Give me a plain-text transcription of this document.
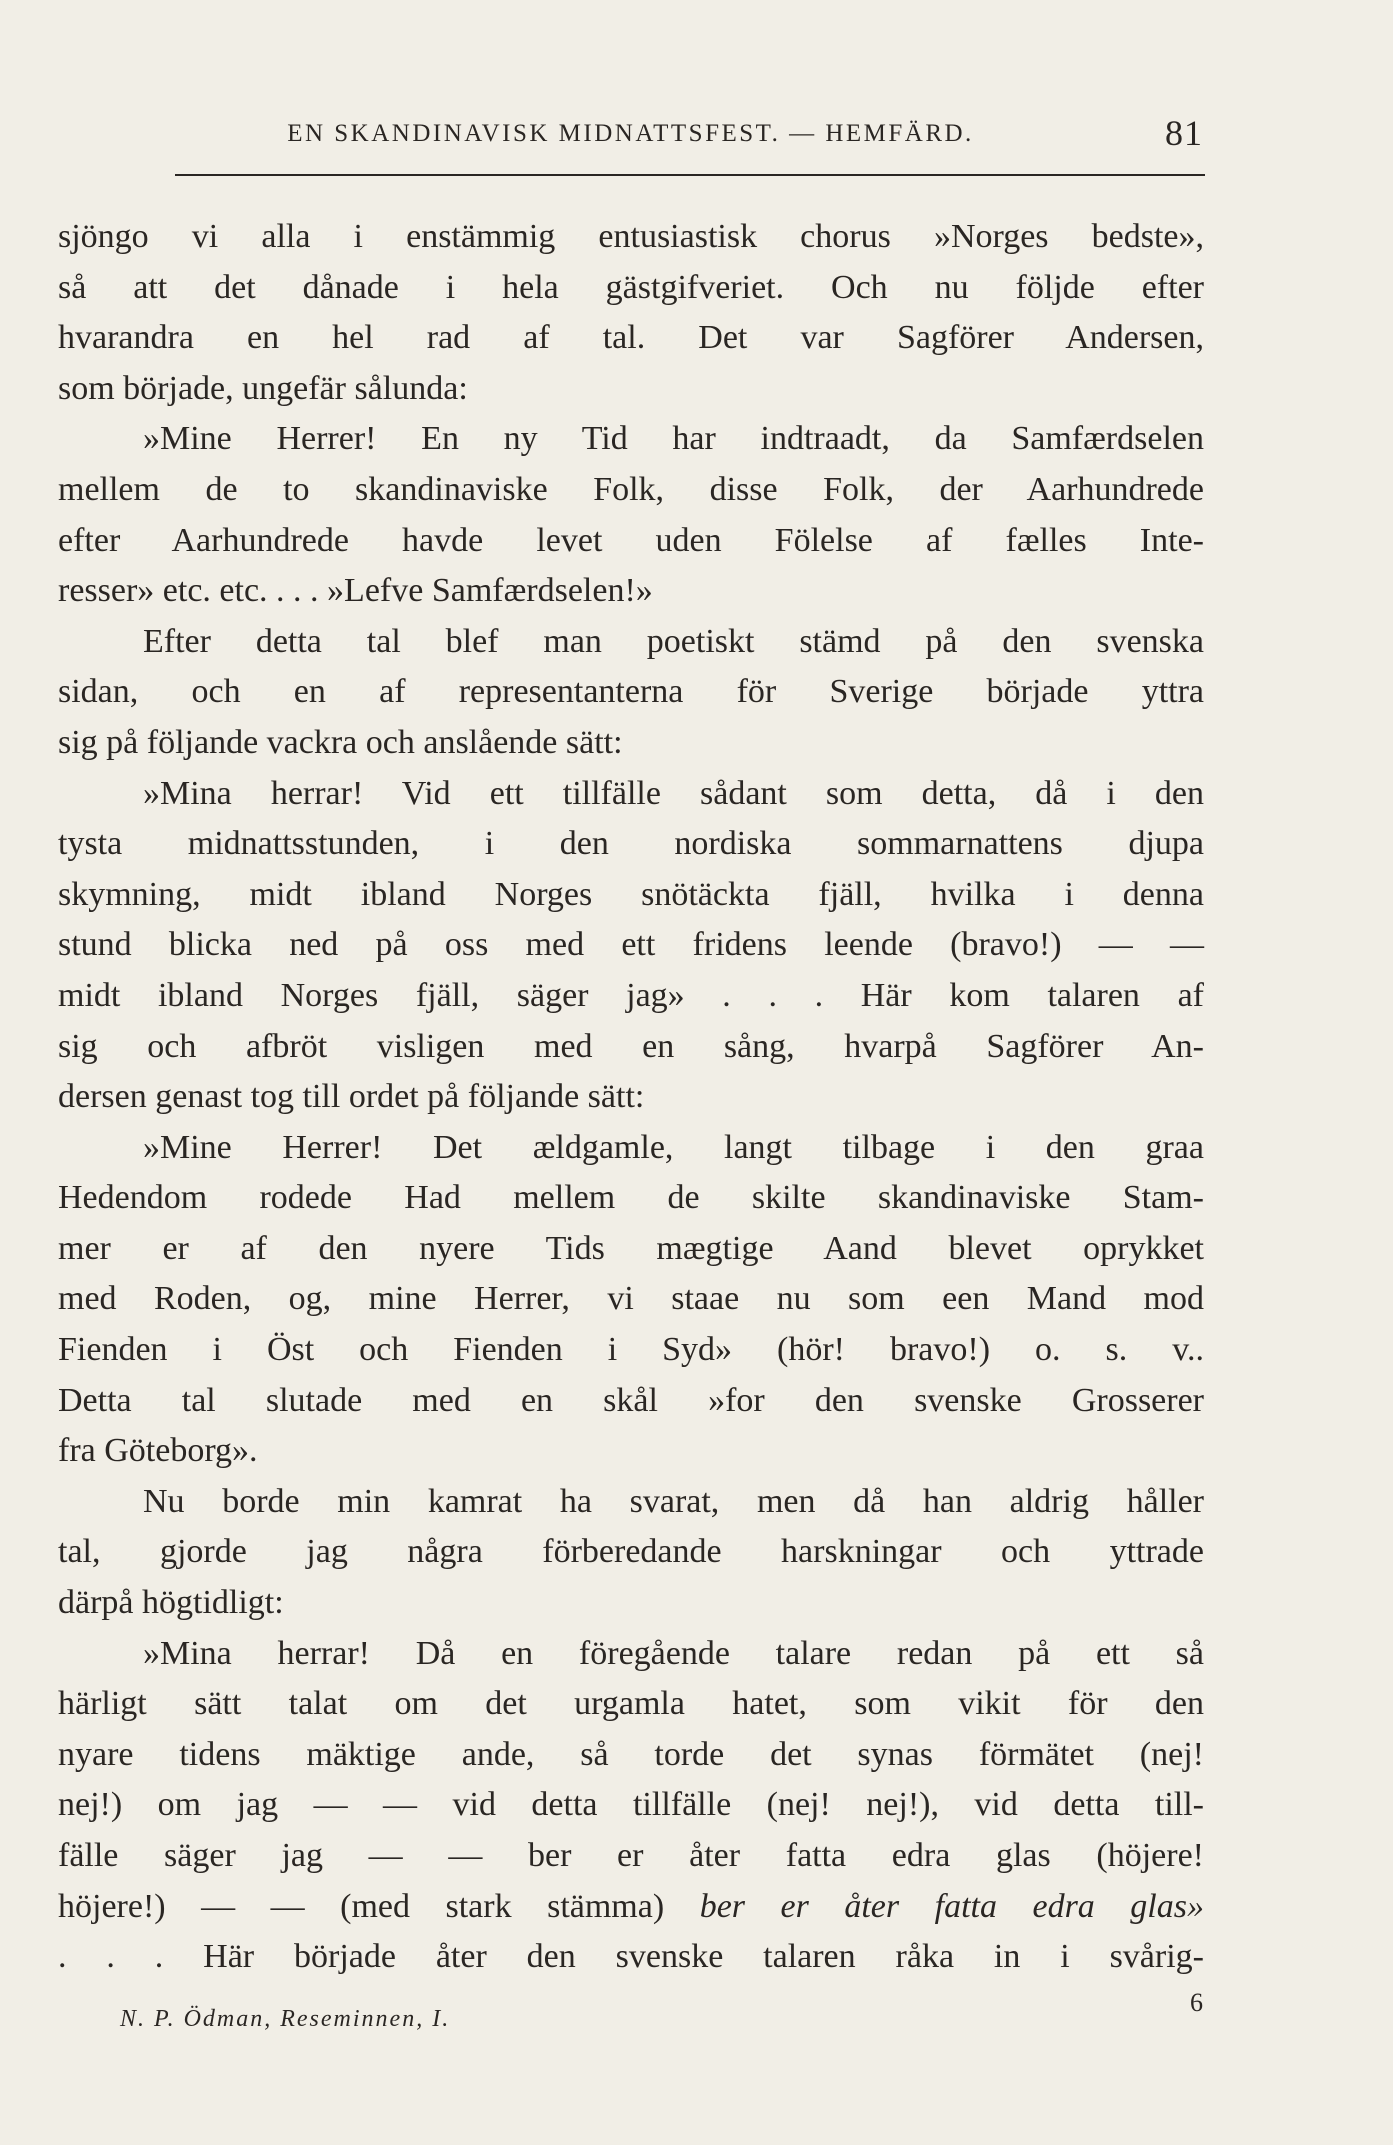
EN SKANDINAVISK MIDNATTSFEST. — HEMFÄRD.	81
sjöngo vi alla i enstämmig entusiastisk chorus »Norges bedste»,
så att det dånade i hela gästgifveriet. Och nu följde efter
hvarandra en hel rad af tal. Det var Sagförer Andersen,
som började, ungefär sålunda:
»Mine Herrer! En ny Tid har indtraadt, da Samfærdselen
mellem de to skandinaviske Folk, disse Folk, der Aarhundrede
efter Aarhundrede havde levet uden Fölelse af fælles Inte-
resser» etc. etc. . . . »Lefve Samfærdselen!»
Efter detta tal blef man poetiskt stämd på den svenska
sidan, och en af representanterna för Sverige började yttra
sig på följande vackra och anslående sätt:
»Mina herrar! Vid ett tillfälle sådant som detta, då i den
tysta midnattsstunden, i den nordiska sommarnattens djupa
skymning, midt ibland Norges snötäckta fjäll, hvilka i denna
stund blicka ned på oss med ett fridens leende (bravo!) — —
midt ibland Norges fjäll, säger jag» . . . Här kom talaren af
sig och afbröt visligen med en sång, hvarpå Sagförer An-
dersen genast tog till ordet på följande sätt:
»Mine Herrer! Det ældgamle, langt tilbage i den graa
Hedendom rodede Had mellem de skilte skandinaviske Stam-
mer er af den nyere Tids mægtige Aand blevet oprykket
med Roden, og, mine Herrer, vi staae nu som een Mand mod
Fienden i Öst och Fienden i Syd» (hör! bravo!) o. s. v..
Detta tal slutade med en skål »for den svenske Grosserer
fra Göteborg».
Nu borde min kamrat ha svarat, men då han aldrig håller
tal, gjorde jag några förberedande harskningar och yttrade
därpå högtidligt:
»Mina herrar! Då en föregående talare redan på ett så
härligt sätt talat om det urgamla hatet, som vikit för den
nyare tidens mäktige ande, så torde det synas förmätet (nej!
nej!) om jag — — vid detta tillfälle (nej! nej!), vid detta till-
fälle säger jag — — ber er åter fatta edra glas (höjere!
höjere!) — — (med stark stämma) ber er åter fatta edra glas»
. . . Här började åter den svenske talaren råka in i svårig-
N. P. Ödman, Reseminnen, I.
6
